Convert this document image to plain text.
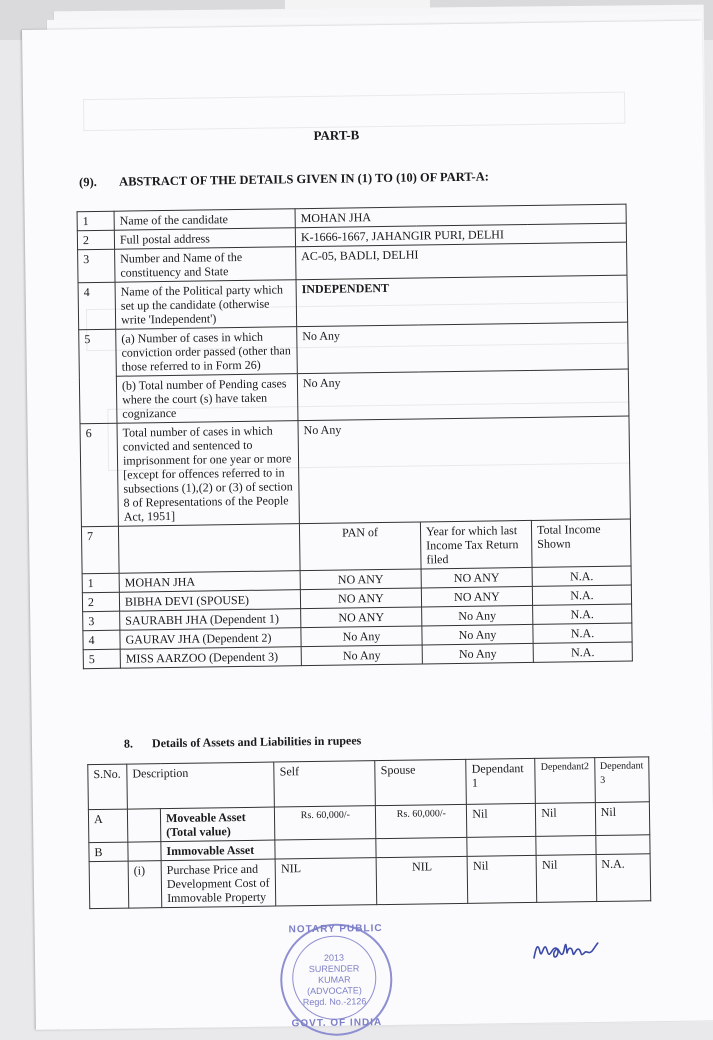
PART-B
(9). ABSTRACT OF THE DETAILS GIVEN IN (1) TO (10) OF PART-A:
1	Name of the candidate	MOHAN JHA		
2	Full postal address	K-1666-1667, JAHANGIR PURI, DELHI		
3	Number and Name of the constituency and State	AC-05, BADLI, DELHI		
4	Name of the Political party which set up the candidate (otherwise write 'Independent')	INDEPENDENT		
5	(a) Number of cases in which conviction order passed (other than those referred to in Form 26)	No Any		
	(b) Total number of Pending cases where the court (s) have taken cognizance	No Any		
6	Total number of cases in which convicted and sentenced to imprisonment for one year or more [except for offences referred to in subsections (1),(2) or (3) of section 8 of Representations of the People Act, 1951]	No Any		
7		PAN of	Year for which last Income Tax Return filed	Total Income Shown
1	MOHAN JHA	NO ANY	NO ANY	N.A.
2	BIBHA DEVI (SPOUSE)	NO ANY	NO ANY	N.A.
3	SAURABH JHA (Dependent 1)	NO ANY	No Any	N.A.
4	GAURAV JHA (Dependent 2)	No Any	No Any	N.A.
5	MISS AARZOO (Dependent 3)	No Any	No Any	N.A.
8. Details of Assets and Liabilities in rupees
S.No.	Description		Self	Spouse	Dependant 1	Dependant2	Dependant 3
A		Moveable Asset (Total value)	Rs. 60,000/-	Rs. 60,000/-	Nil	Nil	Nil
B		Immovable Asset					
	(i)	Purchase Price and Development Cost of Immovable Property	NIL	NIL	Nil	Nil	N.A.
NOTARY PUBLIC
2013
SURENDER KUMAR
(ADVOCATE)
Regd. No.-2126
GOVT. OF INDIA
